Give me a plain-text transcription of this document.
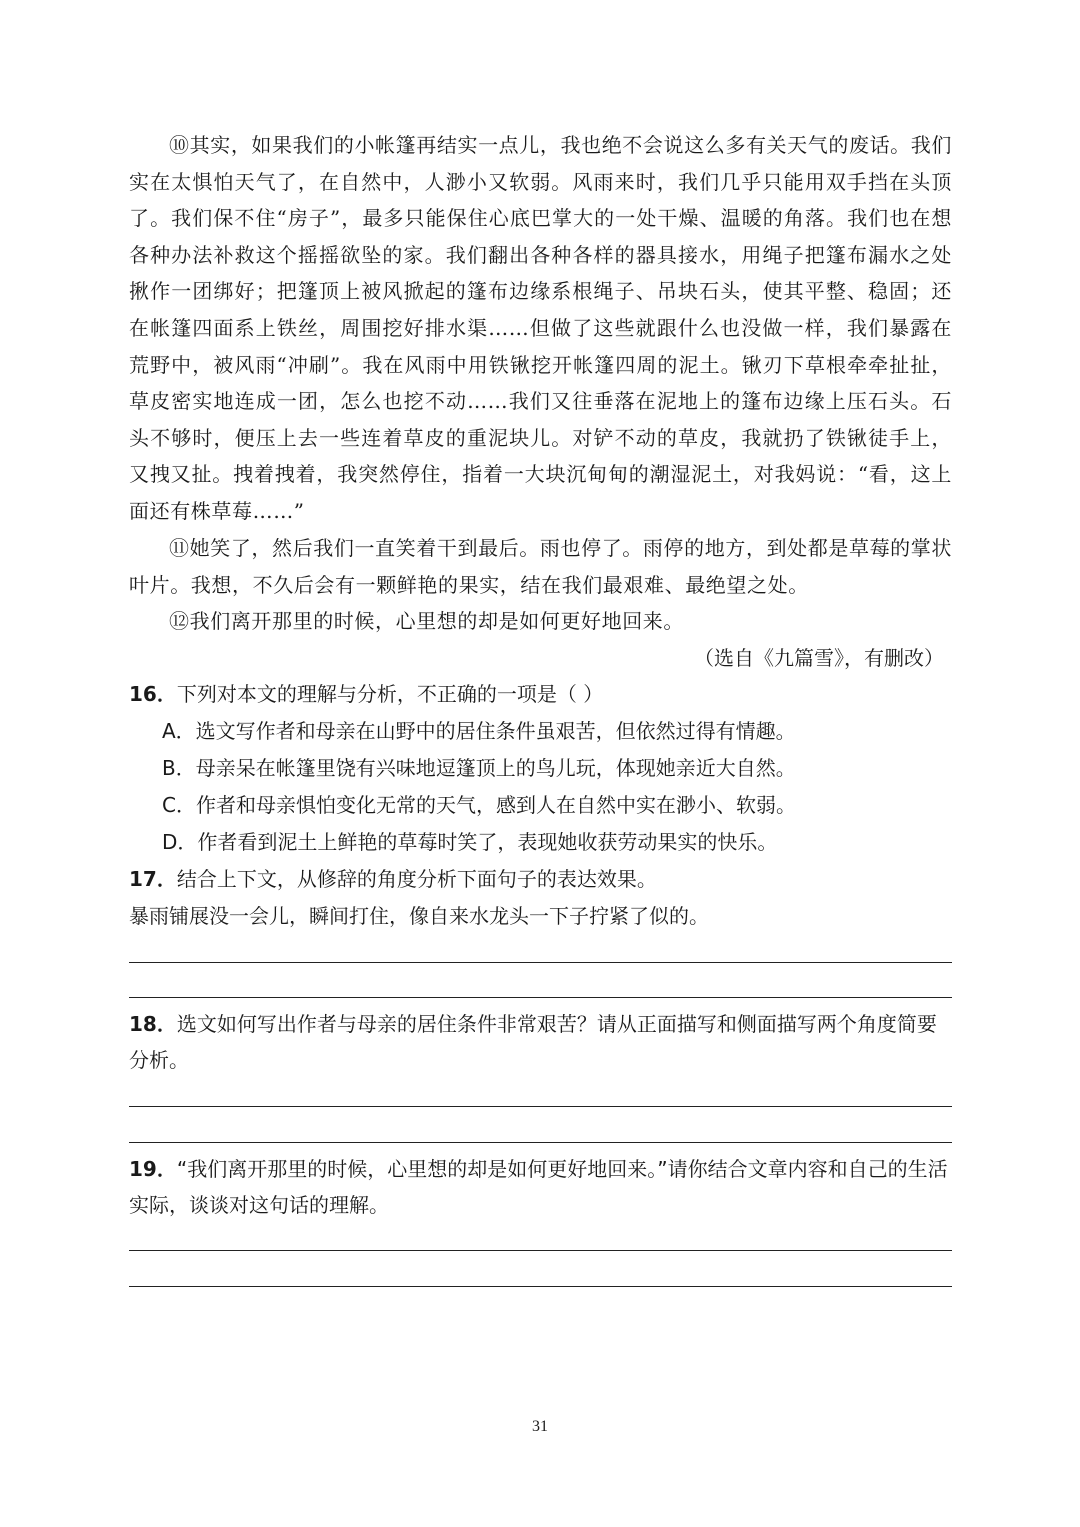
⑩其实，如果我们的小帐篷再结实一点儿，我也绝不会说这么多有关天气的废话。我们实在太惧怕天气了，在自然中，人渺小又软弱。风雨来时，我们几乎只能用双手挡在头顶了。我们保不住“房子”，最多只能保住心底巴掌大的一处干燥、温暖的角落。我们也在想各种办法补救这个摇摇欲坠的家。我们翻出各种各样的器具接水，用绳子把篷布漏水之处揪作一团绑好；把篷顶上被风掀起的篷布边缘系根绳子、吊块石头，使其平整、稳固；还在帐篷四面系上铁丝，周围挖好排水渠……但做了这些就跟什么也没做一样，我们暴露在荒野中，被风雨“冲刷”。我在风雨中用铁锹挖开帐篷四周的泥土。锹刃下草根牵牵扯扯，草皮密实地连成一团，怎么也挖不动……我们又往垂落在泥地上的篷布边缘上压石头。石头不够时，便压上去一些连着草皮的重泥块儿。对铲不动的草皮，我就扔了铁锹徒手上，又拽又扯。拽着拽着，我突然停住，指着一大块沉甸甸的潮湿泥土，对我妈说：“看，这上面还有株草莓……”

⑪她笑了，然后我们一直笑着干到最后。雨也停了。雨停的地方，到处都是草莓的掌状叶片。我想，不久后会有一颗鲜艳的果实，结在我们最艰难、最绝望之处。

⑫我们离开那里的时候，心里想的却是如何更好地回来。

（选自《九篇雪》，有删改）

16．下列对本文的理解与分析，不正确的一项是（ ）

A．选文写作者和母亲在山野中的居住条件虽艰苦，但依然过得有情趣。

B．母亲呆在帐篷里饶有兴味地逗篷顶上的鸟儿玩，体现她亲近大自然。

C．作者和母亲惧怕变化无常的天气，感到人在自然中实在渺小、软弱。

D．作者看到泥土上鲜艳的草莓时笑了，表现她收获劳动果实的快乐。

17．结合上下文，从修辞的角度分析下面句子的表达效果。

暴雨铺展没一会儿，瞬间打住，像自来水龙头一下子拧紧了似的。

18．选文如何写出作者与母亲的居住条件非常艰苦？请从正面描写和侧面描写两个角度简要分析。

19．“我们离开那里的时候，心里想的却是如何更好地回来。”请你结合文章内容和自己的生活实际，谈谈对这句话的理解。

31
